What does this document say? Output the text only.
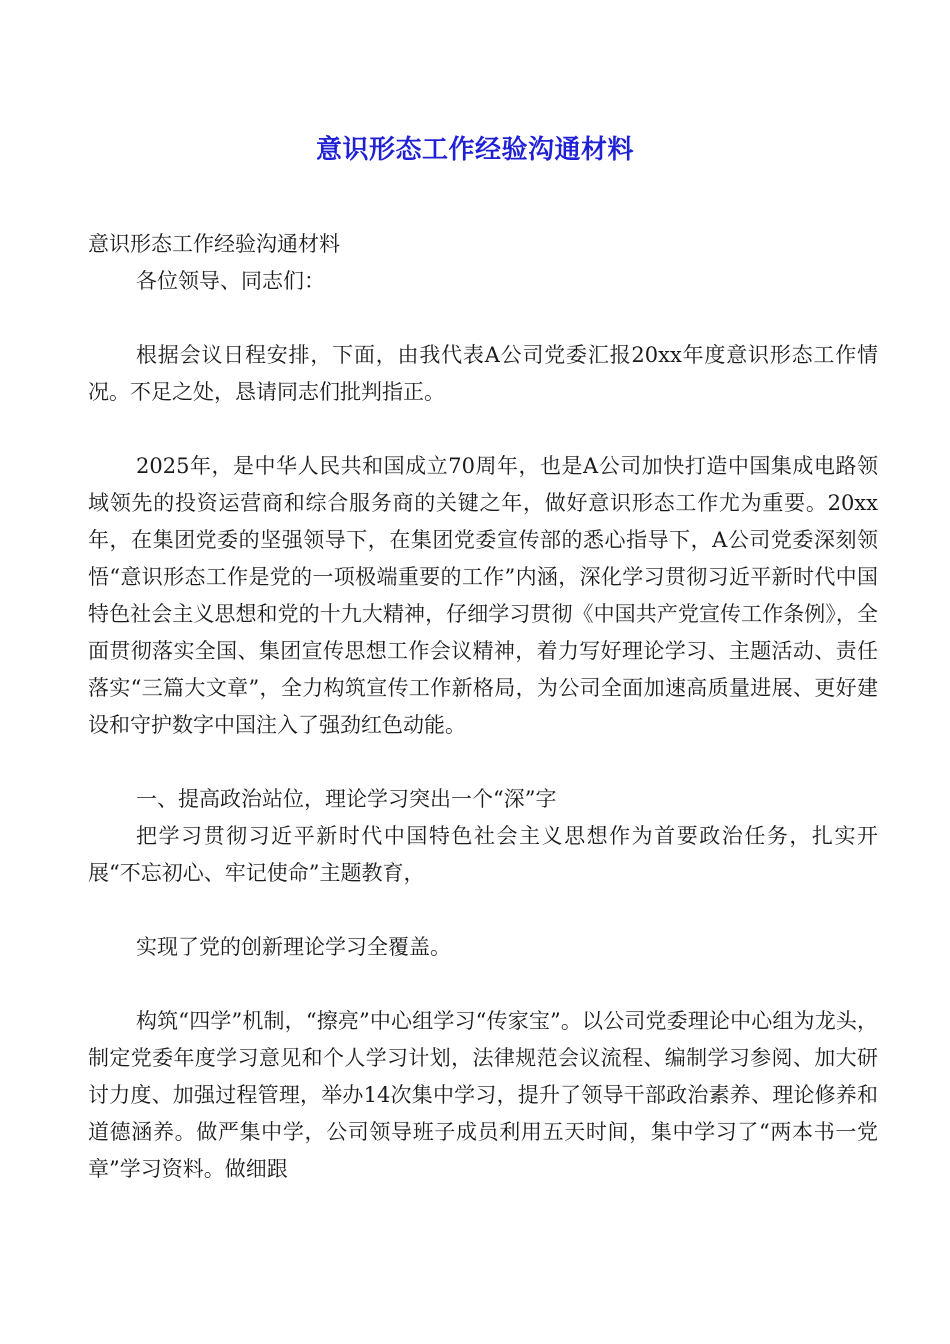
意识形态工作经验沟通材料

意识形态工作经验沟通材料

各位领导、同志们：

根据会议日程安排，下面，由我代表A公司党委汇报20xx年度意识形态工作情况。不足之处，恳请同志们批判指正。

2025年，是中华人民共和国成立70周年，也是A公司加快打造中国集成电路领域领先的投资运营商和综合服务商的关键之年，做好意识形态工作尤为重要。20xx年，在集团党委的坚强领导下，在集团党委宣传部的悉心指导下，A公司党委深刻领悟“意识形态工作是党的一项极端重要的工作”内涵，深化学习贯彻习近平新时代中国特色社会主义思想和党的十九大精神，仔细学习贯彻《中国共产党宣传工作条例》，全面贯彻落实全国、集团宣传思想工作会议精神，着力写好理论学习、主题活动、责任落实“三篇大文章”，全力构筑宣传工作新格局，为公司全面加速高质量进展、更好建设和守护数字中国注入了强劲红色动能。

一、提高政治站位，理论学习突出一个“深”字

把学习贯彻习近平新时代中国特色社会主义思想作为首要政治任务，扎实开展“不忘初心、牢记使命”主题教育，

实现了党的创新理论学习全覆盖。

构筑“四学”机制，“擦亮”中心组学习“传家宝”。以公司党委理论中心组为龙头，制定党委年度学习意见和个人学习计划，法律规范会议流程、编制学习参阅、加大研讨力度、加强过程管理，举办14次集中学习，提升了领导干部政治素养、理论修养和道德涵养。做严集中学，公司领导班子成员利用五天时间，集中学习了“两本书一党章”学习资料。做细跟
